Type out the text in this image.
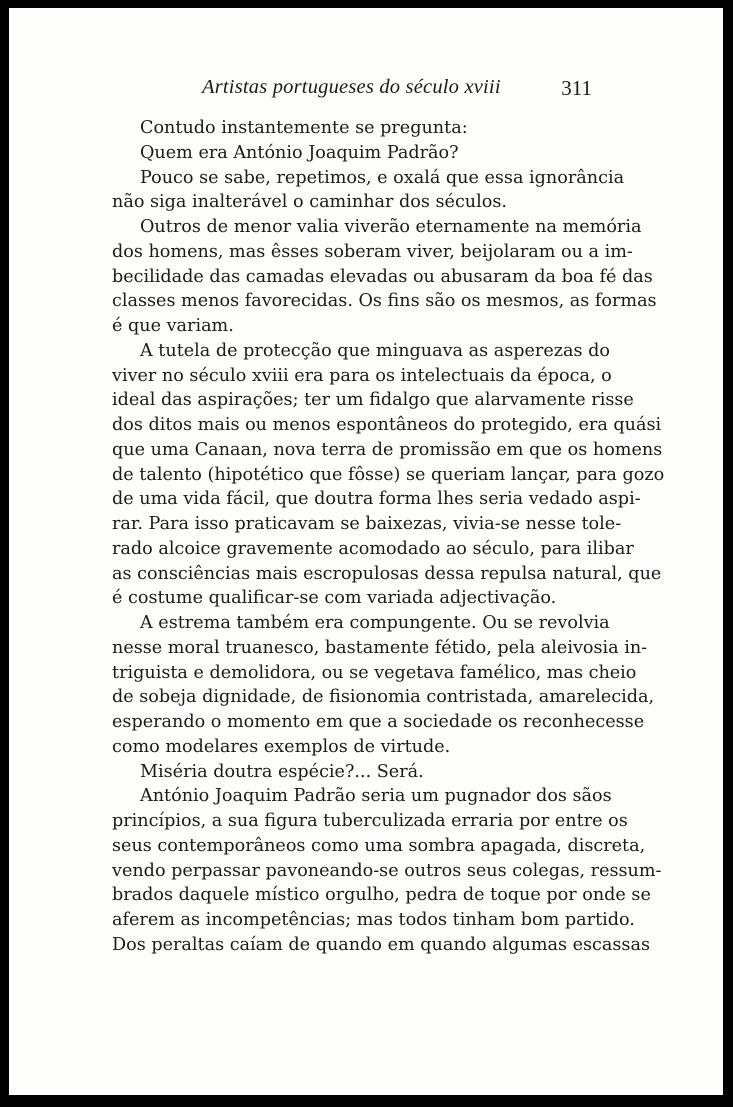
Artistas portugueses do século xviii	311
Contudo instantemente se pregunta:
Quem era António Joaquim Padrão?
Pouco se sabe, repetimos, e oxalá que essa ignorância
não siga inalterável o caminhar dos séculos.
Outros de menor valia viverão eternamente na memória
dos homens, mas êsses soberam viver, beijolaram ou a im-
becilidade das camadas elevadas ou abusaram da boa fé das
classes menos favorecidas. Os fins são os mesmos, as formas
é que variam.
A tutela de protecção que minguava as asperezas do
viver no século xviii era para os intelectuais da época, o
ideal das aspirações; ter um fidalgo que alarvamente risse
dos ditos mais ou menos espontâneos do protegido, era quási
que uma Canaan, nova terra de promissão em que os homens
de talento (hipotético que fôsse) se queriam lançar, para gozo
de uma vida fácil, que doutra forma lhes seria vedado aspi-
rar. Para isso praticavam se baixezas, vivia-se nesse tole-
rado alcoice gravemente acomodado ao século, para ilibar
as consciências mais escropulosas dessa repulsa natural, que
é costume qualificar-se com variada adjectivação.
A estrema também era compungente. Ou se revolvia
nesse moral truanesco, bastamente fétido, pela aleivosia in-
triguista e demolidora, ou se vegetava famélico, mas cheio
de sobeja dignidade, de fisionomia contristada, amarelecida,
esperando o momento em que a sociedade os reconhecesse
como modelares exemplos de virtude.
Miséria doutra espécie?... Será.
António Joaquim Padrão seria um pugnador dos sãos
princípios, a sua figura tuberculizada erraria por entre os
seus contemporâneos como uma sombra apagada, discreta,
vendo perpassar pavoneando-se outros seus colegas, ressum-
brados daquele místico orgulho, pedra de toque por onde se
aferem as incompetências; mas todos tinham bom partido.
Dos peraltas caíam de quando em quando algumas escassas
